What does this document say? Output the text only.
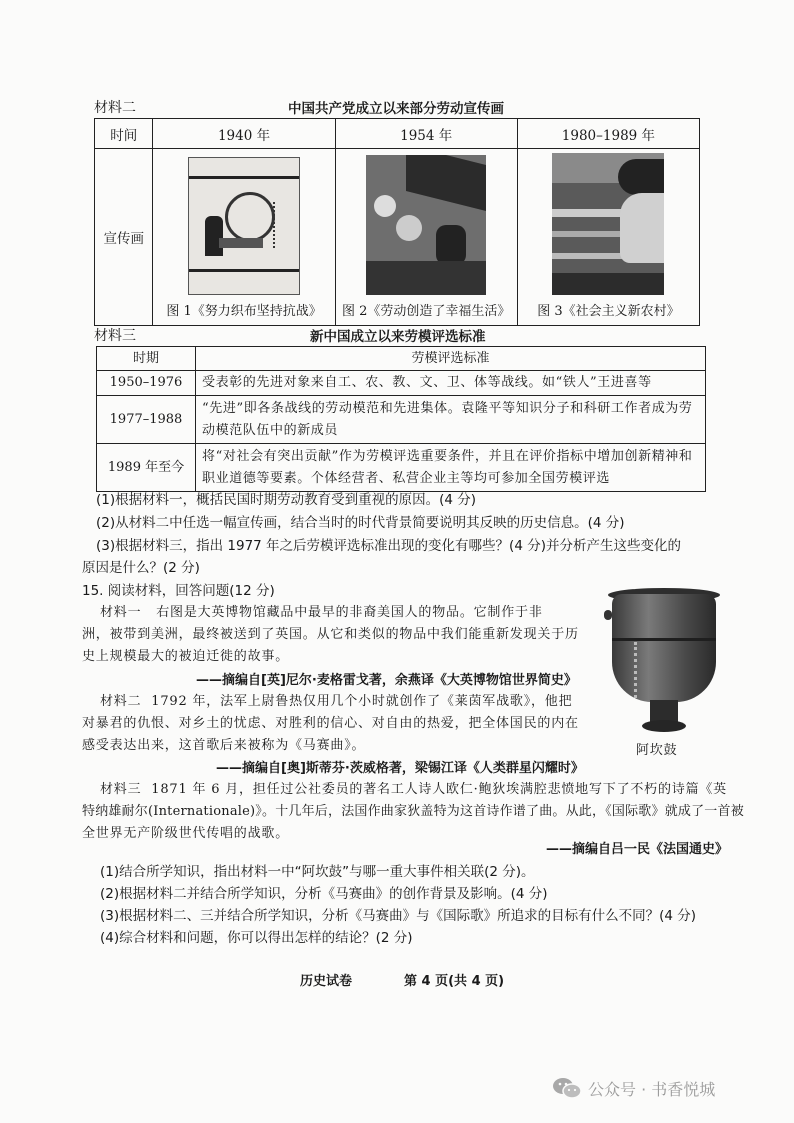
材料二	中国共产党成立以来部分劳动宣传画
时间	1940 年	1954 年	1980–1989 年
宣传画	图 1《努力织布坚持抗战》	图 2《劳动创造了幸福生活》	图 3《社会主义新农村》
材料三	新中国成立以来劳模评选标准
时期	劳模评选标准
1950–1976	受表彰的先进对象来自工、农、教、文、卫、体等战线。如“铁人”王进喜等
1977–1988	“先进”即各条战线的劳动模范和先进集体。袁隆平等知识分子和科研工作者成为劳动模范队伍中的新成员
1989 年至今	将“对社会有突出贡献”作为劳模评选重要条件，并且在评价指标中增加创新精神和职业道德等要素。个体经营者、私营企业主等均可参加全国劳模评选
(1)根据材料一，概括民国时期劳动教育受到重视的原因。(4 分)
(2)从材料二中任选一幅宣传画，结合当时的时代背景简要说明其反映的历史信息。(4 分)
(3)根据材料三，指出 1977 年之后劳模评选标准出现的变化有哪些？(4 分)并分析产生这些变化的
原因是什么？(2 分)
15. 阅读材料，回答问题(12 分)
材料一 右图是大英博物馆藏品中最早的非裔美国人的物品。它制作于非
洲，被带到美洲，最终被送到了英国。从它和类似的物品中我们能重新发现关于历
史上规模最大的被迫迁徙的故事。
——摘编自[英]尼尔·麦格雷戈著，余燕译《大英博物馆世界简史》
材料二 1792 年，法军上尉鲁热仅用几个小时就创作了《莱茵军战歌》，他把
对暴君的仇恨、对乡土的忧虑、对胜利的信心、对自由的热爱，把全体国民的内在
感受表达出来，这首歌后来被称为《马赛曲》。
——摘编自[奥]斯蒂芬·茨威格著，梁锡江译《人类群星闪耀时》
阿坎鼓
材料三 1871 年 6 月，担任过公社委员的著名工人诗人欧仁·鲍狄埃满腔悲愤地写下了不朽的诗篇《英
特纳雄耐尔(Internationale)》。十几年后，法国作曲家狄盖特为这首诗作谱了曲。从此，《国际歌》就成了一首被
全世界无产阶级世代传唱的战歌。
——摘编自吕一民《法国通史》
(1)结合所学知识，指出材料一中“阿坎鼓”与哪一重大事件相关联(2 分)。
(2)根据材料二并结合所学知识，分析《马赛曲》的创作背景及影响。(4 分)
(3)根据材料二、三并结合所学知识，分析《马赛曲》与《国际歌》所追求的目标有什么不同？(4 分)
(4)综合材料和问题，你可以得出怎样的结论？(2 分)
历史试卷	第 4 页(共 4 页)
公众号 · 书香悦城
